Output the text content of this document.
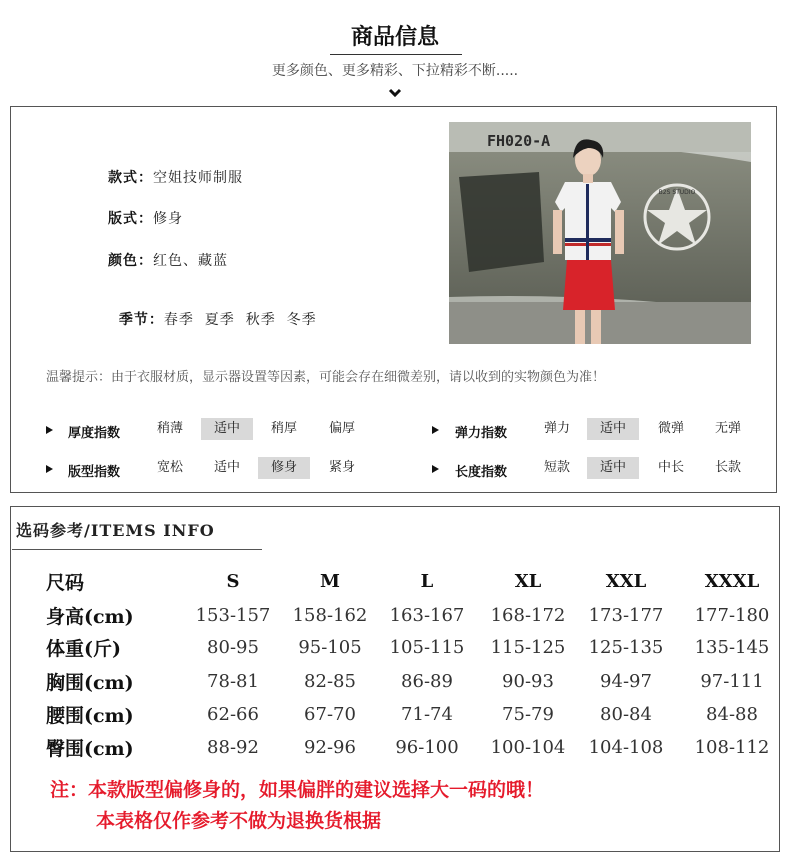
商品信息
更多颜色、更多精彩、下拉精彩不断.....
款式：空姐技师制服
版式：修身
颜色：红色、藏蓝

季节：春季  夏季  秋季  冬季

B2S STUDIO
FH020-A
温馨提示：由于衣服材质，显示器设置等因素，可能会存在细微差别，请以收到的实物颜色为准！
厚度指数	稍薄	适中	稍厚	偏厚	弹力指数	弹力	适中	微弹	无弹
版型指数	宽松	适中	修身	紧身	长度指数	短款	适中	中长	长款
选码参考/ITEMS INFO
尺码	S	M	L	XL	XXL	XXXL
身高(cm)	153-157	158-162	163-167	168-172	173-177	177-180
体重(斤)	80-95	95-105	105-115	115-125	125-135	135-145
胸围(cm)	78-81	82-85	86-89	90-93	94-97	97-111
腰围(cm)	62-66	67-70	71-74	75-79	80-84	84-88
臀围(cm)	88-92	92-96	96-100	100-104	104-108	108-112
注：本款版型偏修身的，如果偏胖的建议选择大一码的哦！
本表格仅作参考不做为退换货根据
